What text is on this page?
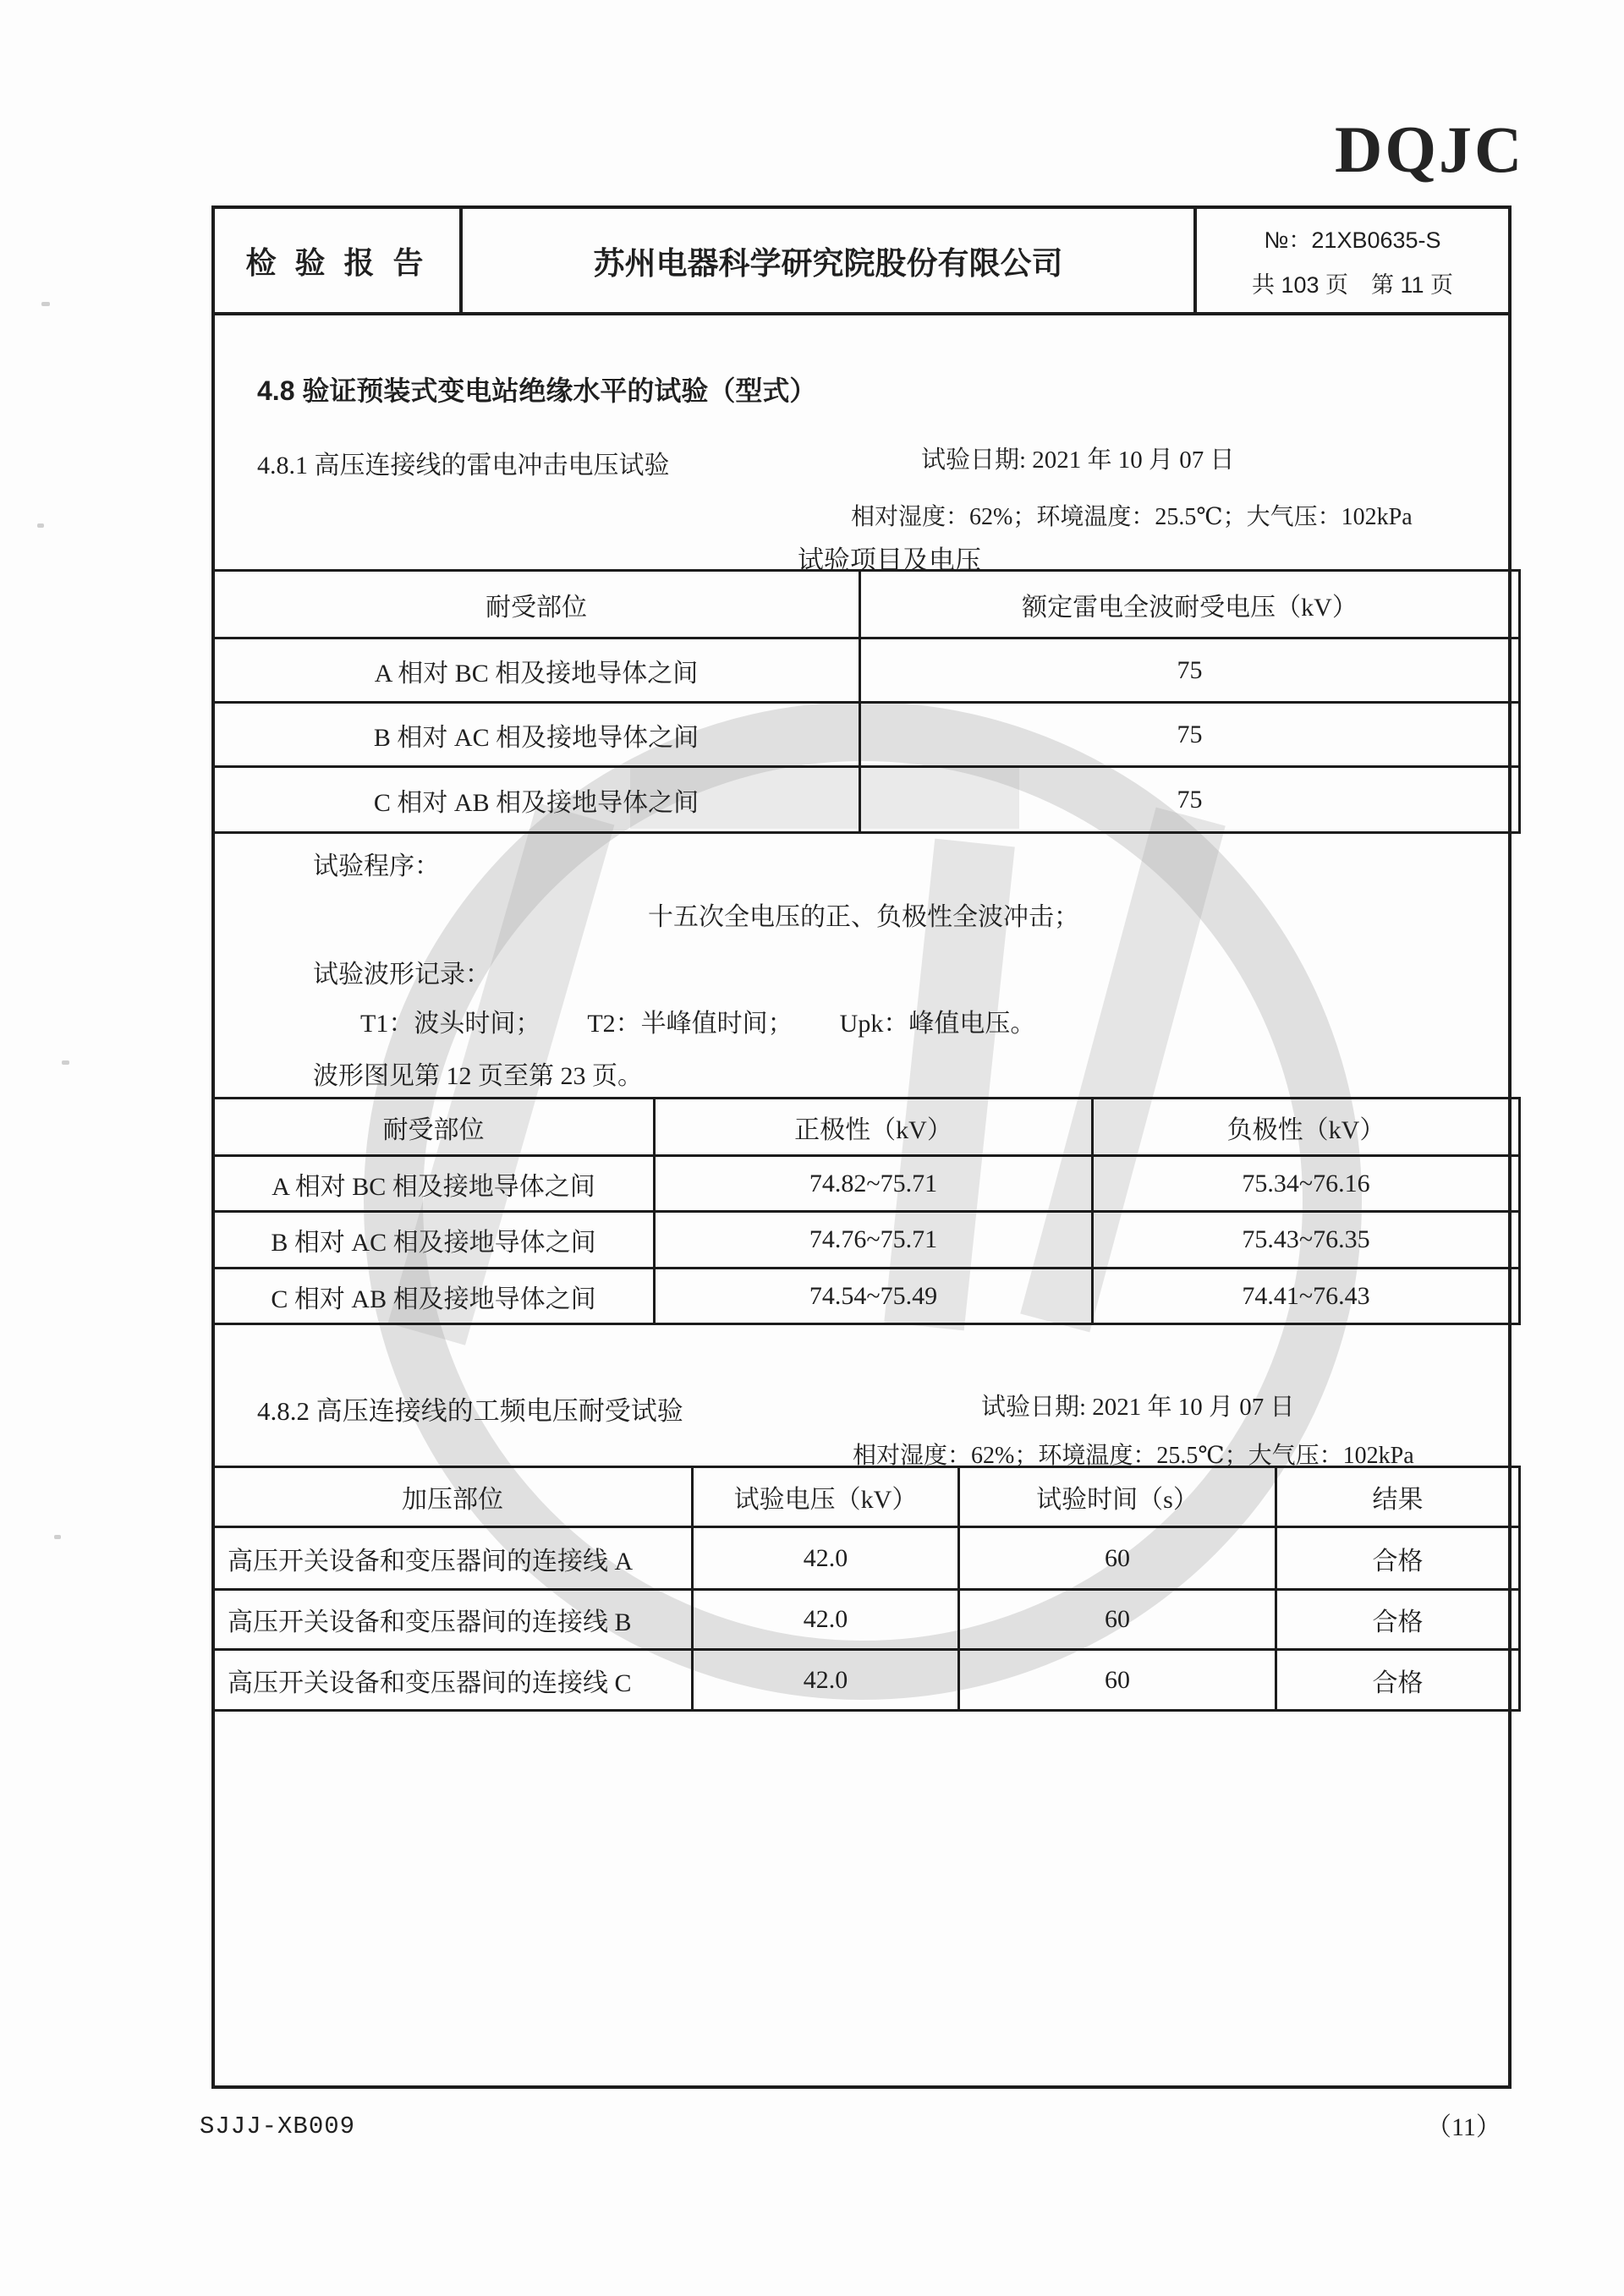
DQJC
检 验 报 告	苏州电器科学研究院股份有限公司
№：21XB0635-S
共 103 页　第 11 页
4.8 验证预装式变电站绝缘水平的试验（型式）
4.8.1 高压连接线的雷电冲击电压试验	试验日期: 2021 年 10 月 07 日
相对湿度：62%；环境温度：25.5℃；大气压：102kPa
试验项目及电压
耐受部位	额定雷电全波耐受电压（kV）
A 相对 BC 相及接地导体之间	75
B 相对 AC 相及接地导体之间	75
C 相对 AB 相及接地导体之间	75
试验程序：
十五次全电压的正、负极性全波冲击；
试验波形记录：
T1：波头时间； T2：半峰值时间； Upk：峰值电压。
波形图见第 12 页至第 23 页。
耐受部位	正极性（kV）	负极性（kV）
A 相对 BC 相及接地导体之间	74.82~75.71	75.34~76.16
B 相对 AC 相及接地导体之间	74.76~75.71	75.43~76.35
C 相对 AB 相及接地导体之间	74.54~75.49	74.41~76.43
4.8.2 高压连接线的工频电压耐受试验	试验日期: 2021 年 10 月 07 日
相对湿度：62%；环境温度：25.5℃；大气压：102kPa
加压部位	试验电压（kV）	试验时间（s）	结果
高压开关设备和变压器间的连接线 A	42.0	60	合格
高压开关设备和变压器间的连接线 B	42.0	60	合格
高压开关设备和变压器间的连接线 C	42.0	60	合格
SJJJ-XB009	（11）
